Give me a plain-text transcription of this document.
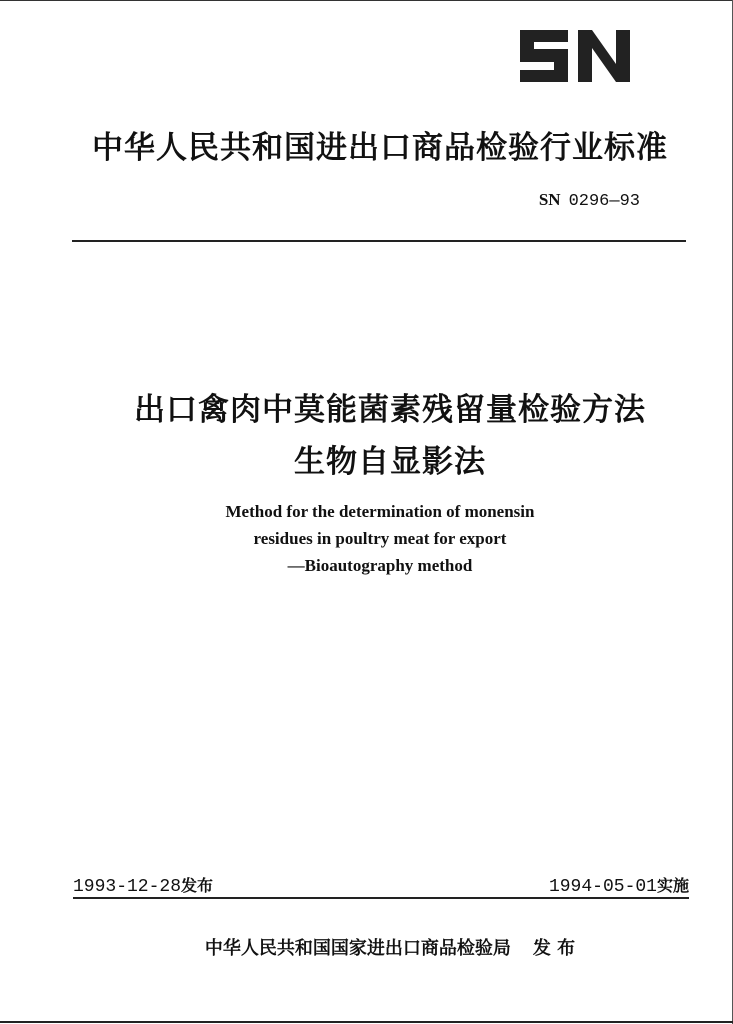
中华人民共和国进出口商品检验行业标准
SN 0296—93
出口禽肉中莫能菌素残留量检验方法
生物自显影法
Method for the determination of monensin
residues in poultry meat for export
—Bioautography method
1993-12-28发布	1994-05-01实施
中华人民共和国国家进出口商品检验局 发 布
